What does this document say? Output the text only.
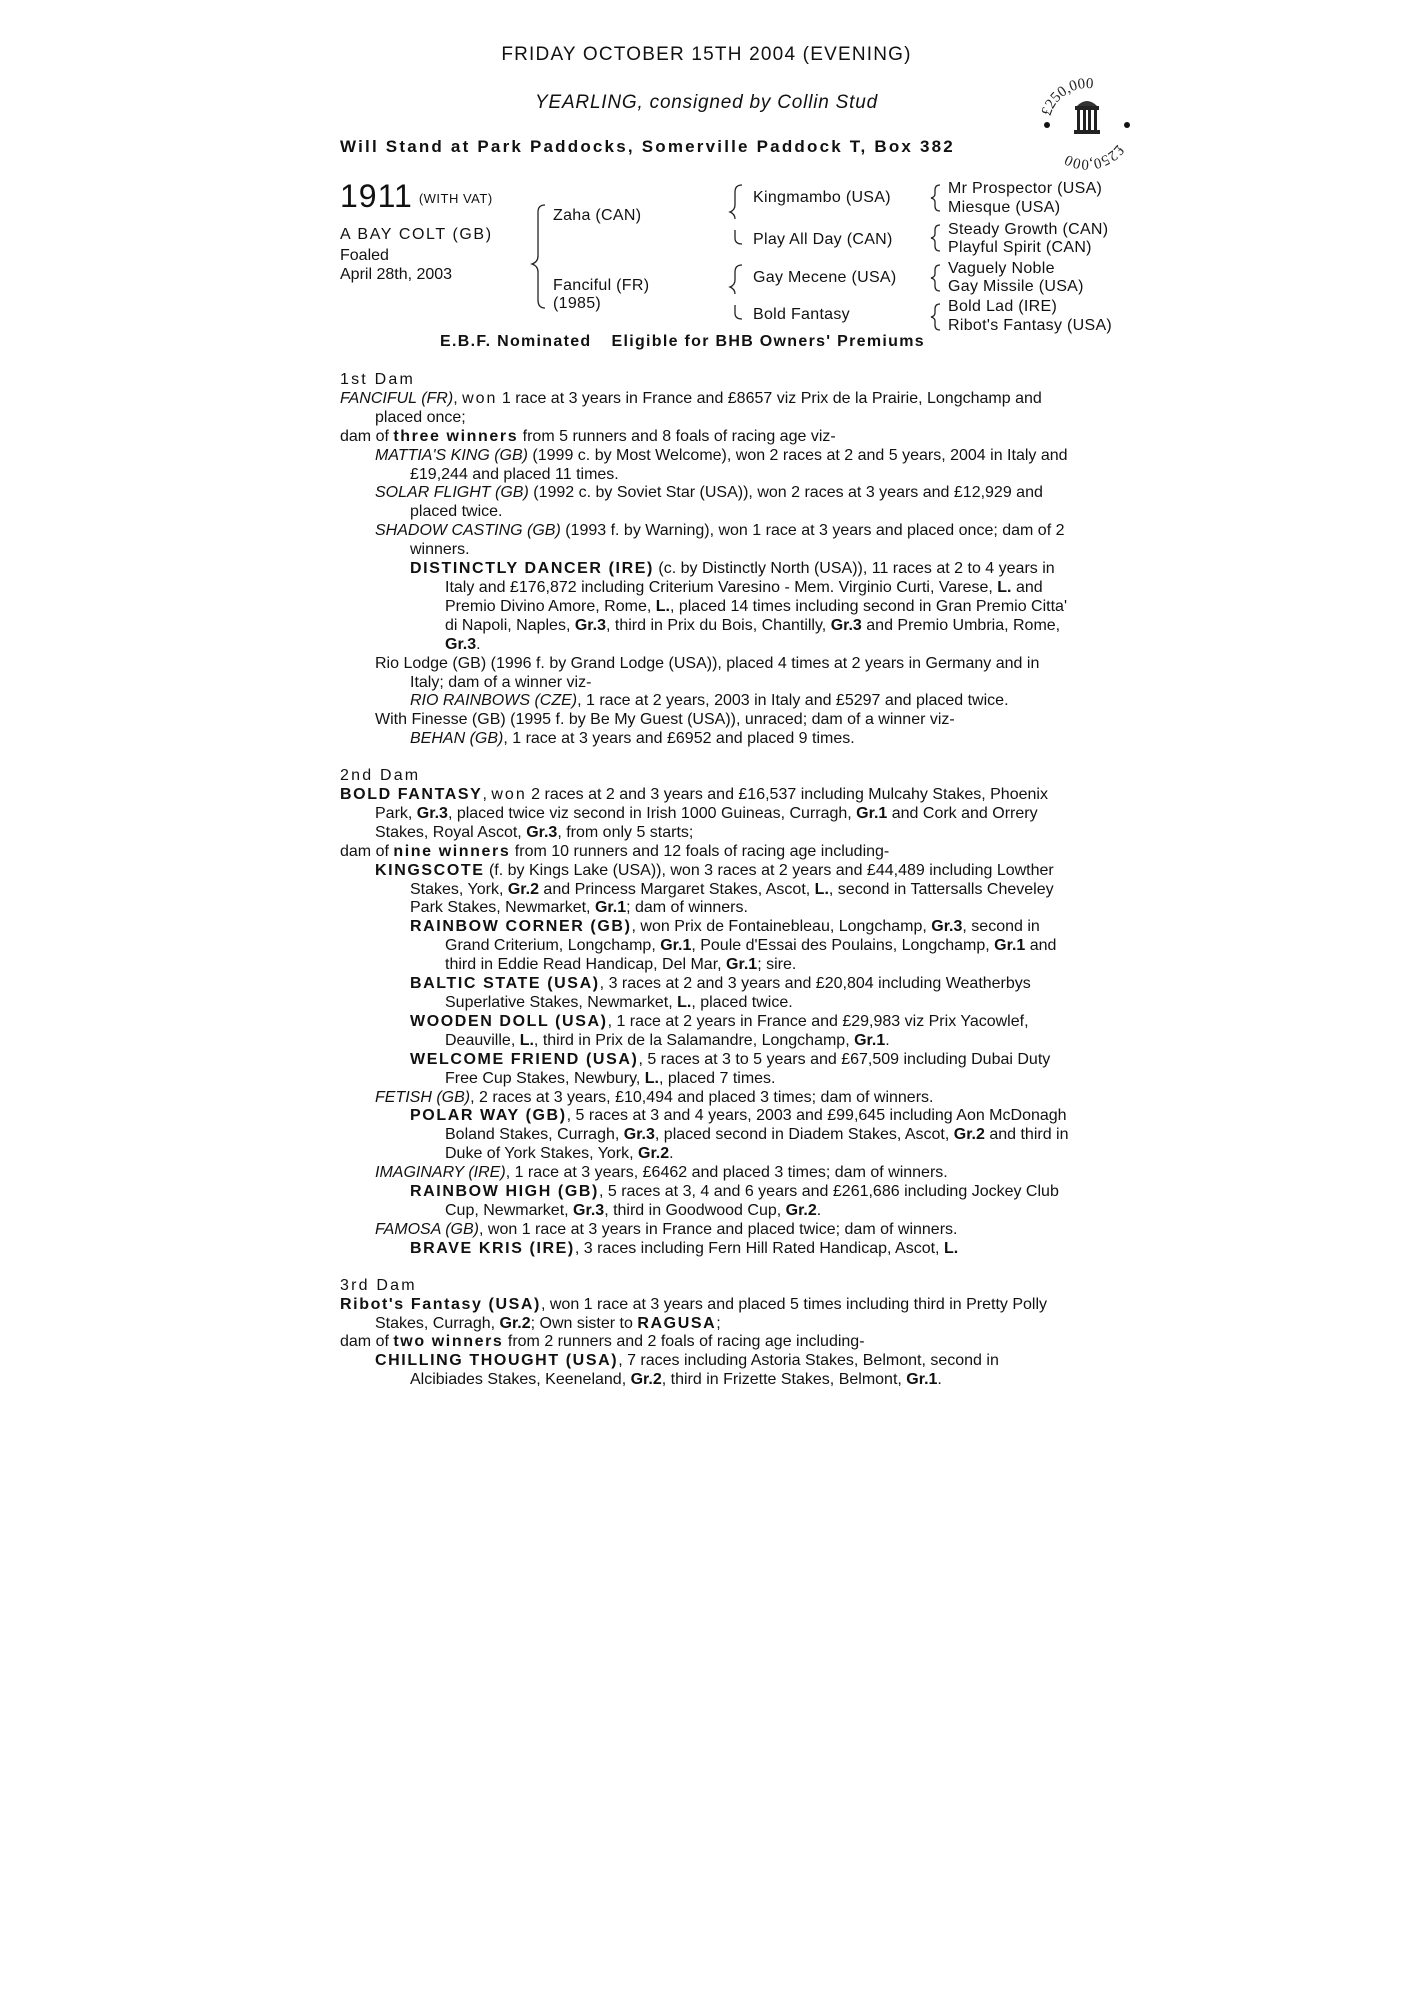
FRIDAY OCTOBER 15TH 2004 (EVENING)
YEARLING, consigned by Collin Stud
Will Stand at Park Paddocks, Somerville Paddock T, Box 382
£250,000
£250,000
1911 (WITH VAT)
A BAY COLT (GB)
Foaled
April 28th, 2003
Zaha (CAN)
Fanciful (FR)
(1985)
Kingmambo (USA)
Play All Day (CAN)
Gay Mecene (USA)
Bold Fantasy
Mr Prospector (USA)
Miesque (USA)
Steady Growth (CAN)
Playful Spirit (CAN)
Vaguely Noble
Gay Missile (USA)
Bold Lad (IRE)
Ribot's Fantasy (USA)
E.B.F. Nominated Eligible for BHB Owners' Premiums
1st Dam
FANCIFUL (FR), won 1 race at 3 years in France and £8657 viz Prix de la Prairie, Longchamp and placed once;
dam of three winners from 5 runners and 8 foals of racing age viz-
MATTIA'S KING (GB) (1999 c. by Most Welcome), won 2 races at 2 and 5 years, 2004 in Italy and £19,244 and placed 11 times.
SOLAR FLIGHT (GB) (1992 c. by Soviet Star (USA)), won 2 races at 3 years and £12,929 and placed twice.
SHADOW CASTING (GB) (1993 f. by Warning), won 1 race at 3 years and placed once; dam of 2 winners.
DISTINCTLY DANCER (IRE) (c. by Distinctly North (USA)), 11 races at 2 to 4 years in Italy and £176,872 including Criterium Varesino - Mem. Virginio Curti, Varese, L. and Premio Divino Amore, Rome, L., placed 14 times including second in Gran Premio Citta' di Napoli, Naples, Gr.3, third in Prix du Bois, Chantilly, Gr.3 and Premio Umbria, Rome, Gr.3.
Rio Lodge (GB) (1996 f. by Grand Lodge (USA)), placed 4 times at 2 years in Germany and in Italy; dam of a winner viz-
RIO RAINBOWS (CZE), 1 race at 2 years, 2003 in Italy and £5297 and placed twice.
With Finesse (GB) (1995 f. by Be My Guest (USA)), unraced; dam of a winner viz-
BEHAN (GB), 1 race at 3 years and £6952 and placed 9 times.
2nd Dam
BOLD FANTASY, won 2 races at 2 and 3 years and £16,537 including Mulcahy Stakes, Phoenix Park, Gr.3, placed twice viz second in Irish 1000 Guineas, Curragh, Gr.1 and Cork and Orrery Stakes, Royal Ascot, Gr.3, from only 5 starts;
dam of nine winners from 10 runners and 12 foals of racing age including-
KINGSCOTE (f. by Kings Lake (USA)), won 3 races at 2 years and £44,489 including Lowther Stakes, York, Gr.2 and Princess Margaret Stakes, Ascot, L., second in Tattersalls Cheveley Park Stakes, Newmarket, Gr.1; dam of winners.
RAINBOW CORNER (GB), won Prix de Fontainebleau, Longchamp, Gr.3, second in Grand Criterium, Longchamp, Gr.1, Poule d'Essai des Poulains, Longchamp, Gr.1 and third in Eddie Read Handicap, Del Mar, Gr.1; sire.
BALTIC STATE (USA), 3 races at 2 and 3 years and £20,804 including Weatherbys Superlative Stakes, Newmarket, L., placed twice.
WOODEN DOLL (USA), 1 race at 2 years in France and £29,983 viz Prix Yacowlef, Deauville, L., third in Prix de la Salamandre, Longchamp, Gr.1.
WELCOME FRIEND (USA), 5 races at 3 to 5 years and £67,509 including Dubai Duty Free Cup Stakes, Newbury, L., placed 7 times.
FETISH (GB), 2 races at 3 years, £10,494 and placed 3 times; dam of winners.
POLAR WAY (GB), 5 races at 3 and 4 years, 2003 and £99,645 including Aon McDonagh Boland Stakes, Curragh, Gr.3, placed second in Diadem Stakes, Ascot, Gr.2 and third in Duke of York Stakes, York, Gr.2.
IMAGINARY (IRE), 1 race at 3 years, £6462 and placed 3 times; dam of winners.
RAINBOW HIGH (GB), 5 races at 3, 4 and 6 years and £261,686 including Jockey Club Cup, Newmarket, Gr.3, third in Goodwood Cup, Gr.2.
FAMOSA (GB), won 1 race at 3 years in France and placed twice; dam of winners.
BRAVE KRIS (IRE), 3 races including Fern Hill Rated Handicap, Ascot, L.
3rd Dam
Ribot's Fantasy (USA), won 1 race at 3 years and placed 5 times including third in Pretty Polly Stakes, Curragh, Gr.2; Own sister to RAGUSA;
dam of two winners from 2 runners and 2 foals of racing age including-
CHILLING THOUGHT (USA), 7 races including Astoria Stakes, Belmont, second in Alcibiades Stakes, Keeneland, Gr.2, third in Frizette Stakes, Belmont, Gr.1.
